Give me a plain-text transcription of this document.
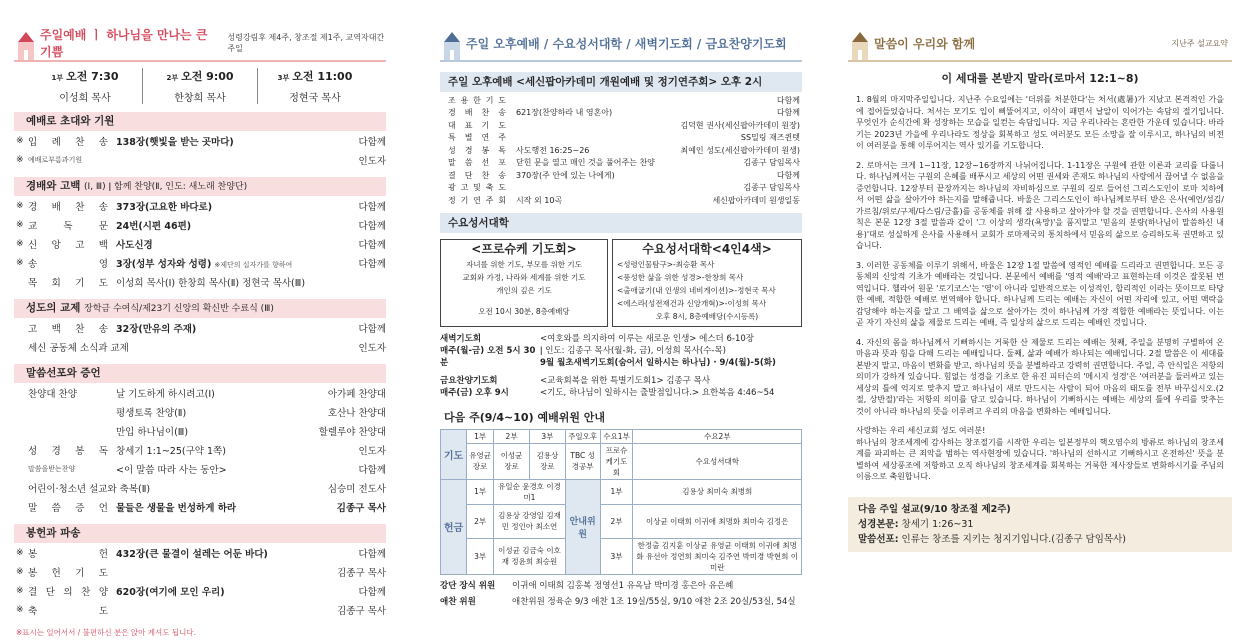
주일예배 ㅣ 하나님을 만나는 큰 기쁨
성령강림후 제4주, 창조절 제1주, 교역자대간주일
1부 오전 7:30
이성희 목사
2부 오전 9:00
한창희 목사
3부 오전 11:00
정현국 목사
예배로 초대와 기원
※ 입 례 찬 송 138장(햇빛을 받는 곳마다)	다함께
※ 예배로부름과기원	인도자
경배와 고백 (Ⅰ, Ⅲ) ǀ 함께 찬양(Ⅱ, 인도: 새노래 찬양단)
※ 경 배 찬 송 373장(고요한 바다로)	다함께
※ 교	독	문 24번(시편 46편)	다함께
※ 신 앙 고 백 사도신경	다함께
※ 송	영 3장(성부 성자와 성령) ※제단의 십자가를 향하여	다함께
목 회 기 도 이성희 목사(Ⅰ) 한창희 목사(Ⅱ) 정현국 목사(Ⅲ)
성도의 교제 장학금 수여식/제23기 신앙의 확신반 수료식 (Ⅲ)
고 백 찬 송 32장(만유의 주재)	다함께
세신 공동체 소식과 교제	인도자
말씀선포와 증언
찬양대 찬양	날 기도하게 하시려고(Ⅰ)	아가페 찬양대
평생토록 찬양(Ⅱ)	호산나 찬양대
만입 하나님이(Ⅲ)	할렐루야 찬양대
성 경 봉 독 창세기 1:1~25(구약 1쪽)	인도자
말씀을받는찬양	<이 말씀 따라 사는 동안>	다함께
어린이·청소년 설교와 축복(Ⅱ)	심승미 전도사
말 씀 증 언 물들은 생물을 번성하게 하라	김종구 목사
봉헌과 파송
※ 봉	헌 432장(큰 물결이 설레는 어둔 바다)	다함께
※ 봉 헌 기 도	김종구 목사
※ 결 단 의 찬 양 620장(여기에 모인 우리)	다함께
※ 축	도	김종구 목사
※표시는 일어서서 / 불편하신 분은 앉아 계셔도 됩니다.
주일 오후예배 / 수요성서대학 / 새벽기도회 / 금요찬양기도회
주일 오후예배 <세신팝아카데미 개원예배 및 정기연주회> 오후 2시
조 용 한 기 도	다함께
경 배 찬 송	621장(찬양하라 내 영혼아)	다함께
대 표 기 도	김덕현 권사(세신팝아카데미 원장)
특 별 연 주	SS밀링 재즈퀸텟
성 경 봉 독	사도행전 16:25~26	최예인 성도(세신팝아카데미 원생)
말 씀 선 포	닫힌 문을 열고 매인 것을 풀어주는 찬양	김종구 담임목사
결 단 찬 송	370장(주 안에 있는 나에게)	다함께
광 고 및 축 도	김종구 담임목사
정 기 연 주 회	시작 외 10곡	세신팝아카데미 원생일동
수요성서대학
<프로슈케 기도회>
자녀를 위한 기도, 부모를 위한 기도
교회와 가정, 나라와 세계를 위한 기도
개인의 깊은 기도
오전 10시 30분, 8층예배당
수요성서대학<4인4색>
<성령인물탐구>-최승환 목사
<풍성한 삶을 위한 성경>-한창희 목사
<출애굽기(내 인생의 네비게이션)>-정현국 목사
<에스라(성전재건과 신앙개혁)>-이성희 목사
오후 8시, 8층예배당(수시등록)
새벽기도회
매주(월-금) 오전 5시 30분
<여호와를 의지하여 이루는 새로운 인생> 에스더 6-10장
ǀ 인도: 김종구 목사(월-화, 금), 이성희 목사(수-목)
9월 월초새벽기도회(숨어서 일하시는 하나님) · 9/4(월)-5(화)
금요찬양기도회
매주(금) 오후 9시
<교육회복을 위한 특별기도회1> 김종구 목사
<기도, 하나님이 일하시는 출발점입니다.> 요한복음 4:46~54
다음 주(9/4~10) 예배위원 안내
기도	1부	2부	3부	주일오후	수요1부	수요2부
	유영균 장로	이성균 장로	김용상 장로	TBC 성경공부	프로슈케기도회	수요성서대학
헌금	1부	유일순 윤경호 이경미1		안내위원	1부	김용상 최미숙 최병희
	2부	김용상 강영일 김재민 정인아 최소연			2부	이상균 이태희 이귀애 최명화 최미숙 김정은
	3부	이성균 김금숙 이호재 정윤희 최승원			3부	한정출 김지훈 이상균 유영균 이태희 이귀애 최명화 유선아 정연희 최미숙 김주연 박미경 박현희 이미란
강단 장식 위원	이귀애 이태희 김홍복 정영선1 유옥남 박미경 홍은아 유은혜
애찬 위원	애찬위원 정육순 9/3 애찬 1조 19실/55실, 9/10 애찬 2조 20실/53실, 54실
말씀이 우리와 함께	지난주 설교요약
이 세대를 본받지 말라(로마서 12:1~8)
1. 8월의 마지막주일입니다. 지난주 수요일에는 '더위를 처분한다'는 처서(處暑)가 지났고 본격적인 가을에 접어들었습니다. 처서는 모기도 입이 삐뚤어지고, 이삭이 패면서 날알이 익어가는 속담의 절기입니다. 무엇인가 순식간에 확 성장하는 모습을 일컫는 속담입니다. 지금 우리나라는 혼란한 가운데 있습니다. 바라기는 2023년 가을에 우리나라도 정상을 회복하고 성도 여러분도 모든 소망을 잘 이루시고, 하나님의 비전이 여러분을 통해 이루어지는 역사 있기를 기도합니다.
2. 로마서는 크게 1~11장, 12장~16장까지 나뉘어집니다. 1-11장은 구원에 관한 이론과 교리를 다룹니다. 하나님께서는 구원의 은혜를 배푸시고 세상의 어떤 권세와 존재도 하나님의 사랑에서 끊어낼 수 없음을 증언합니다. 12장부터 끝장까지는 하나님의 자비하심으로 구원의 길로 들어선 그리스도인이 로마 치하에서 어떤 삶을 살아가야 하는지를 말해줍니다. 바울은 그리스도인이 하나님께로부터 받은 은사(예언/섬김/가르침/위로/구제/다스림/긍휼)를 공동체를 위해 잘 사용하고 살아가야 할 것을 권면합니다. 은사의 사용원칙은 본문 12장 3절 말씀과 같이 '그 이상의 생각(욕망)'을 품지말고 '믿음의 분량(하나님이 말씀하신 내용)'대로 성실하게 은사를 사용해서 교회가 로마제국의 통치하에서 믿음의 삶으로 승리하도록 권면하고 있습니다.
3. 이러한 공동체를 이루기 위해서, 바울은 12장 1절 말씀에 영적인 예배를 드리라고 권면합니다. 모든 공동체의 신앙적 기초가 예배라는 것입니다. 본문에서 예배를 '영적 예배'라고 표현하는데 이것은 잘못된 번역입니다. 헬라어 원문 '로기코스'는 '영'이 아니라 일반적으로는 이성적인, 합리적인 이라는 뜻이므로 타당한 예배, 적합한 예배로 번역해야 합니다. 하나님께 드리는 예배는 자신이 어떤 자리에 있고, 어떤 맥락을 감당해야 하는지를 알고 그 배역을 삶으로 살아가는 것이 하나님께 가장 적합한 예배라는 뜻입니다. 이는 곧 자기 자신의 삶을 제물로 드리는 예배, 즉 일상의 삶으로 드리는 예배인 것입니다.
4. 자신의 몸을 하나님께서 기뻐하시는 거룩한 산 제물로 드리는 예배는 첫째, 주일을 분명히 구별하여 온 마음과 뜻과 힘을 다해 드리는 예배입니다. 둘째, 삶과 예배가 하나되는 예배입니다. 2절 말씀은 이 세대를 본받지 말고, 마음이 변화를 받고, 하나님의 뜻을 분별하라고 강력히 권면합니다. 주일, 즉 안식일은 저항의 의미가 강하게 있습니다. 힘없는 성경을 기초로 한 유진 피터슨의 '메시지 성경'은 '여러분을 둘러싸고 있는 세상의 틀에 억지로 맞추지 말고 하나님이 새로 만드시는 사람이 되어 마음의 태도를 전부 바꾸십시오.(2절, 상반절)'라는 저항의 의미를 담고 있습니다. 하나님이 기뻐하시는 예배는 세상의 틀에 우리를 맞추는 것이 아니라 하나님의 뜻을 이루려고 우리의 마음을 변화하는 예배입니다.
사랑하는 우리 세신교회 성도 여러분!
하나님의 창조세계에 감사하는 창조절기를 시작한 우리는 일본정부의 핵오염수의 방류로 하나님의 창조세계를 파괴하는 큰 죄악을 범하는 역사현장에 있습니다. '하나님의 선하시고 기뻐하시고 온전하신' 뜻을 분별하여 세상풍조에 저항하고 오직 하나님의 창조세계를 회복하는 거룩한 제사장들로 변화하시기를 주님의 이름으로 축원합니다.
다음 주일 설교(9/10 창조절 제2주)
성경본문: 창세기 1:26~31
말씀선포: 인류는 창조를 지키는 청지기입니다.(김종구 담임목사)
